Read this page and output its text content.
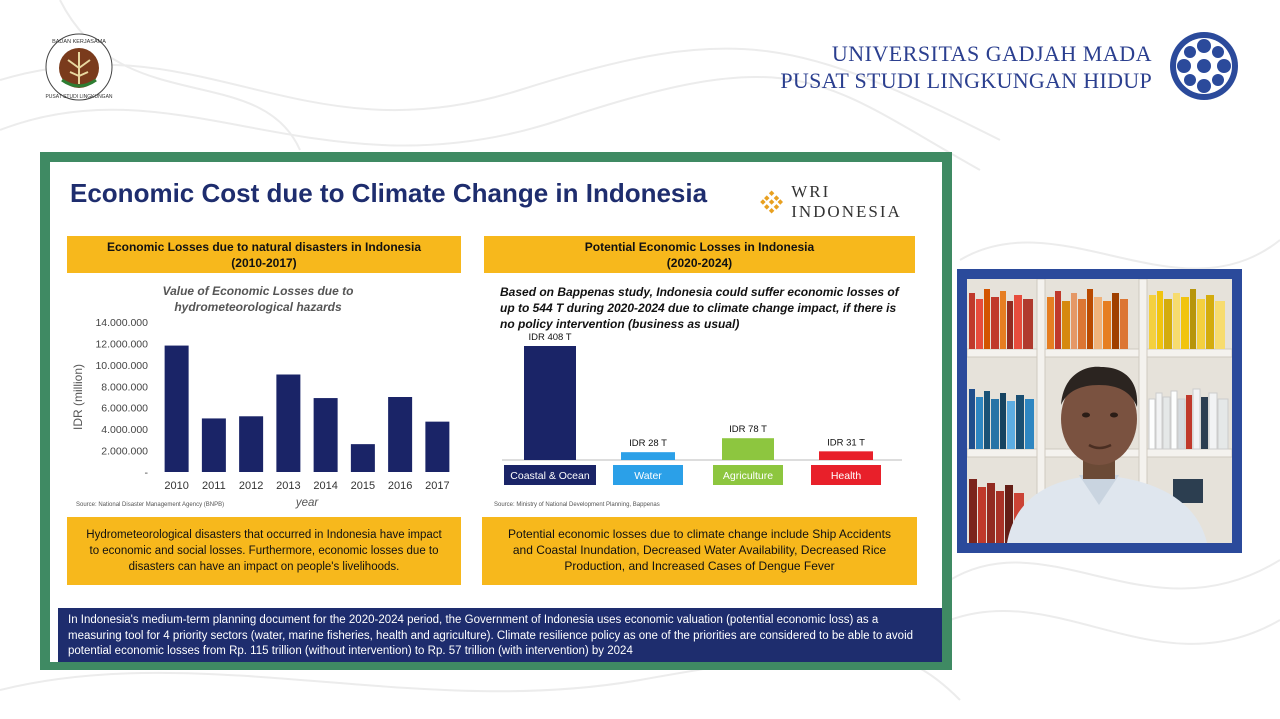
BADAN KERJASAMA
PUSAT STUDI LINGKUNGAN
UNIVERSITAS GADJAH MADA
PUSAT STUDI LINGKUNGAN HIDUP
Economic Cost due to Climate Change in Indonesia	WRI INDONESIA
Economic Losses due to natural disasters in Indonesia
(2010-2017)
Potential Economic Losses in Indonesia
(2020-2024)
Value of Economic Losses due to
hydrometeorological hazards
-
2.000.000
4.000.000
6.000.000
8.000.000
10.000.000
12.000.000
14.000.000
2010 2011 2012 2013 2014 2015 2016 2017
IDR (million)
year
Source: National Disaster Management Agency (BNPB)
Based on Bappenas study, Indonesia could suffer economic losses of up to 544 T during 2020-2024 due to climate change impact, if there is no policy intervention (business as usual)
IDR 408 T
Coastal & Ocean
IDR 28 T
Water
IDR 78 T
Agriculture
IDR 31 T
Health
Source: Ministry of National Development Planning, Bappenas
Hydrometeorological disasters that occurred in Indonesia have impact
to economic and social losses. Furthermore, economic losses due to
disasters can have an impact on people's livelihoods.
Potential economic losses due to climate change include Ship Accidents
and Coastal Inundation, Decreased Water Availability, Decreased Rice
Production, and Increased Cases of Dengue Fever
In Indonesia's medium-term planning document for the 2020-2024 period, the Government of Indonesia uses economic valuation (potential economic loss) as a measuring tool for 4 priority sectors (water, marine fisheries, health and agriculture). Climate resilience policy as one of the priorities are considered to be able to avoid potential economic losses from Rp. 115 trillion (without intervention) to Rp. 57 trillion (with intervention) by 2024
